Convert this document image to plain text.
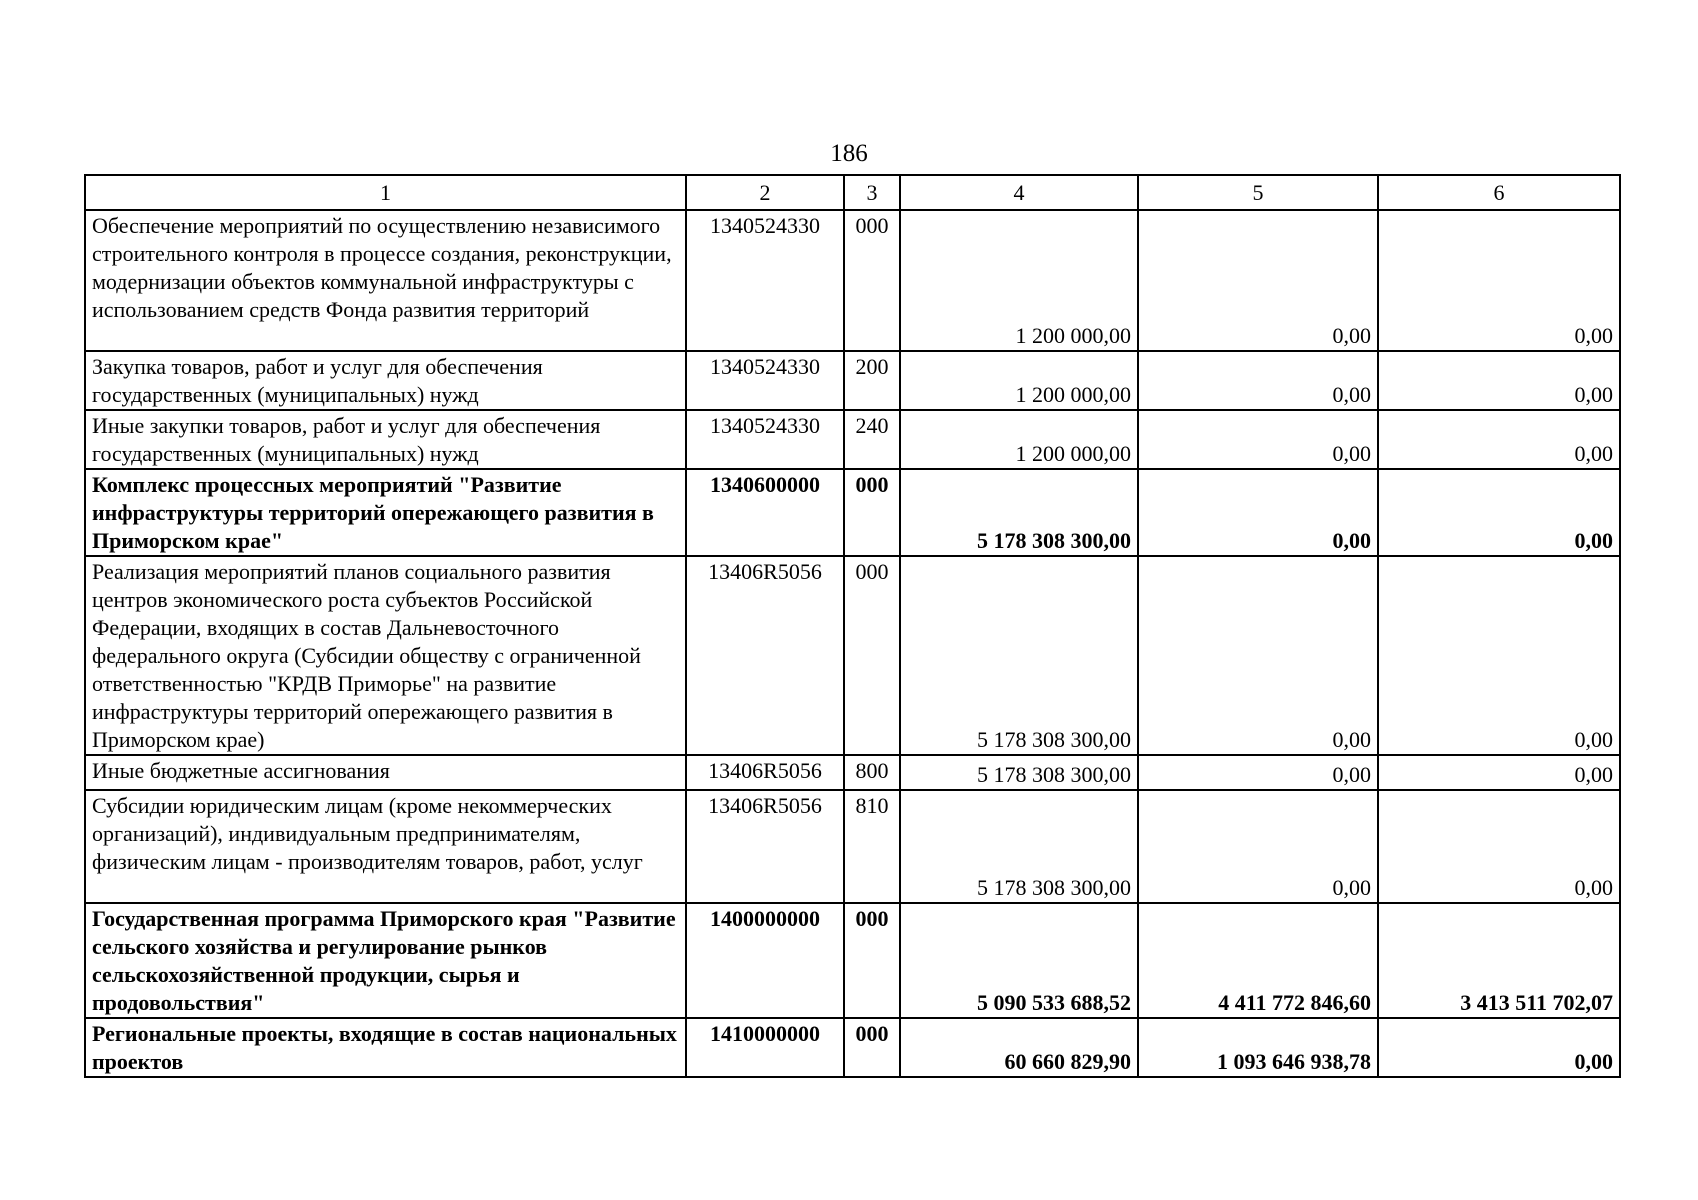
186
1	2	3	4	5	6
Обеспечение мероприятий по осуществлению независимого строительного контроля в процессе создания, реконструкции, модернизации объектов коммунальной инфраструктуры с использованием средств Фонда развития территорий	1340524330	000	1 200 000,00	0,00	0,00
Закупка товаров, работ и услуг для обеспечения государственных (муниципальных) нужд	1340524330	200	1 200 000,00	0,00	0,00
Иные закупки товаров, работ и услуг для обеспечения государственных (муниципальных) нужд	1340524330	240	1 200 000,00	0,00	0,00
Комплекс процессных мероприятий "Развитие инфраструктуры территорий опережающего развития в Приморском крае"	1340600000	000	5 178 308 300,00	0,00	0,00
Реализация мероприятий планов социального развития центров экономического роста субъектов Российской Федерации, входящих в состав Дальневосточного федерального округа (Субсидии обществу с ограниченной ответственностью "КРДВ Приморье" на развитие инфраструктуры территорий опережающего развития в Приморском крае)	13406R5056	000	5 178 308 300,00	0,00	0,00
Иные бюджетные ассигнования	13406R5056	800	5 178 308 300,00	0,00	0,00
Субсидии юридическим лицам (кроме некоммерческих организаций), индивидуальным предпринимателям, физическим лицам - производителям товаров, работ, услуг	13406R5056	810	5 178 308 300,00	0,00	0,00
Государственная программа Приморского края "Развитие сельского хозяйства и регулирование рынков сельскохозяйственной продукции, сырья и продовольствия"	1400000000	000	5 090 533 688,52	4 411 772 846,60	3 413 511 702,07
Региональные проекты, входящие в состав национальных проектов	1410000000	000	60 660 829,90	1 093 646 938,78	0,00
